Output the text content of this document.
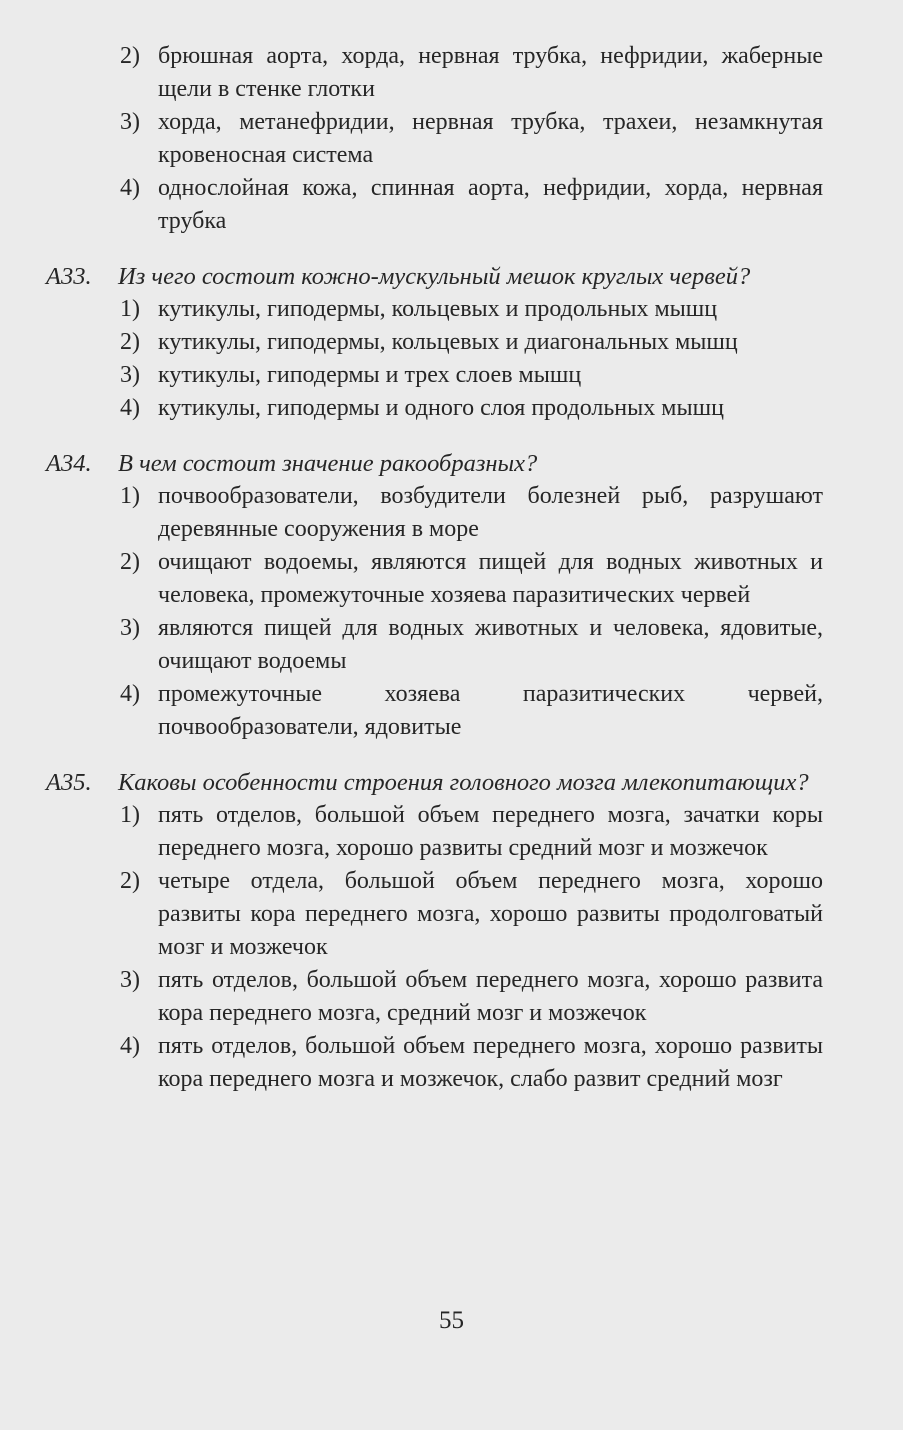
2) брюшная аорта, хорда, нервная трубка, нефридии, жаберные щели в стенке глотки
3) хорда, метанефридии, нервная трубка, трахеи, незамкнутая кровеносная система
4) однослойная кожа, спинная аорта, нефридии, хорда, нервная трубка
А33. Из чего состоит кожно-мускульный мешок круглых червей?
1) кутикулы, гиподермы, кольцевых и продольных мышц
2) кутикулы, гиподермы, кольцевых и диагональных мышц
3) кутикулы, гиподермы и трех слоев мышц
4) кутикулы, гиподермы и одного слоя продольных мышц
А34. В чем состоит значение ракообразных?
1) почвообразователи, возбудители болезней рыб, разрушают деревянные сооружения в море
2) очищают водоемы, являются пищей для водных животных и человека, промежуточные хозяева паразитических червей
3) являются пищей для водных животных и человека, ядовитые, очищают водоемы
4) промежуточные хозяева паразитических червей, почвообразователи, ядовитые
А35. Каковы особенности строения головного мозга млекопитающих?
1) пять отделов, большой объем переднего мозга, зачатки коры переднего мозга, хорошо развиты средний мозг и мозжечок
2) четыре отдела, большой объем переднего мозга, хорошо развиты кора переднего мозга, хорошо развиты продолговатый мозг и мозжечок
3) пять отделов, большой объем переднего мозга, хорошо развита кора переднего мозга, средний мозг и мозжечок
4) пять отделов, большой объем переднего мозга, хорошо развиты кора переднего мозга и мозжечок, слабо развит средний мозг
55
